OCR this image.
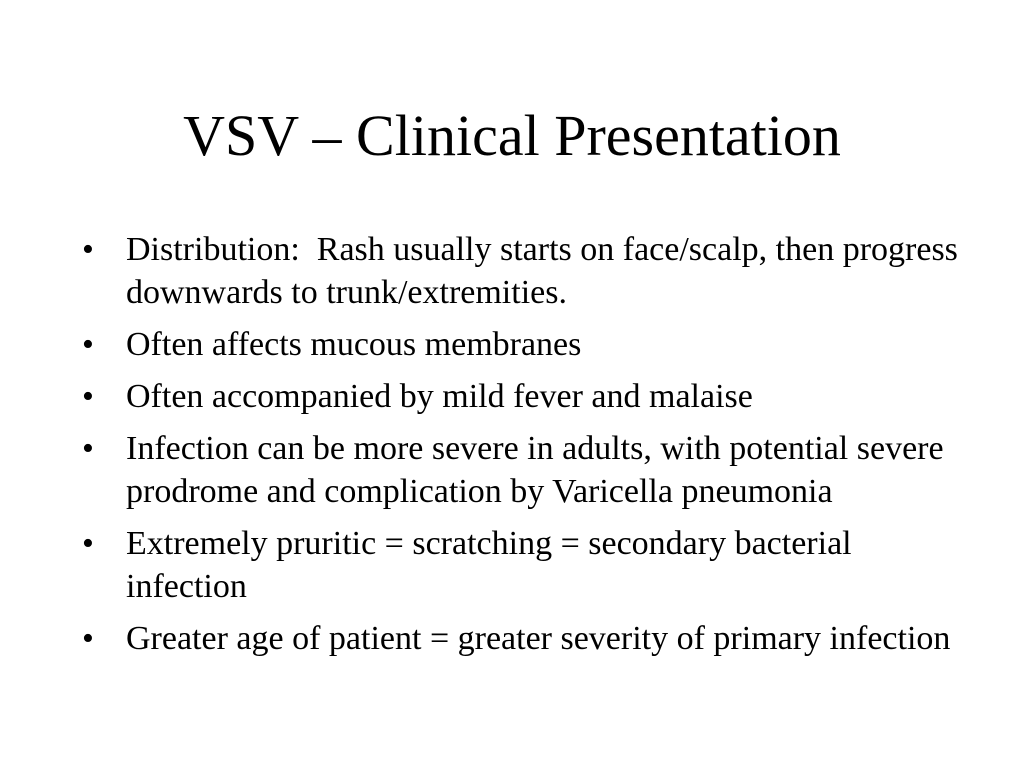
VSV – Clinical Presentation
• Distribution:  Rash usually starts on face/scalp, then progress downwards to trunk/extremities.
• Often affects mucous membranes
• Often accompanied by mild fever and malaise
• Infection can be more severe in adults, with potential severe prodrome and complication by Varicella pneumonia
• Extremely pruritic = scratching = secondary bacterial infection
• Greater age of patient = greater severity of primary infection
